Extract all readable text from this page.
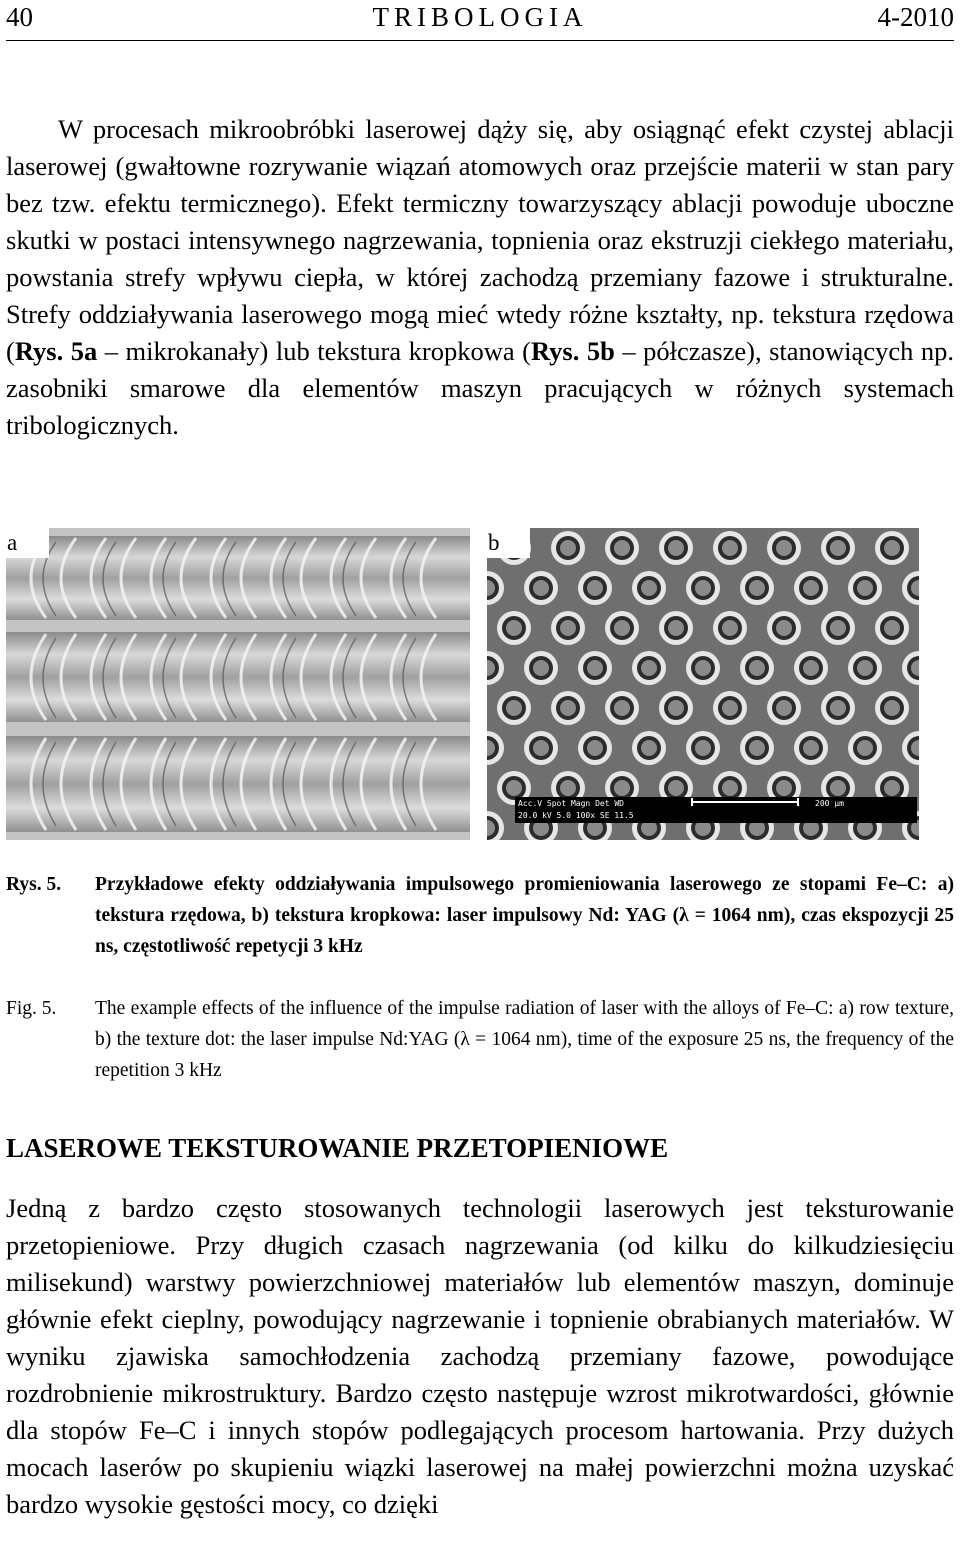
40	TRIBOLOGIA	4-2010

W procesach mikroobróbki laserowej dąży się, aby osiągnąć efekt czystej ablacji laserowej (gwałtowne rozrywanie wiązań atomowych oraz przejście materii w stan pary bez tzw. efektu termicznego). Efekt termiczny towarzyszący ablacji powoduje uboczne skutki w postaci intensywnego nagrzewania, topnienia oraz ekstruzji ciekłego materiału, powstania strefy wpływu ciepła, w której zachodzą przemiany fazowe i strukturalne. Strefy oddziaływania laserowego mogą mieć wtedy różne kształty, np. tekstura rzędowa (Rys. 5a – mikrokanały) lub tekstura kropkowa (Rys. 5b – półczasze), stanowiących np. zasobniki smarowe dla elementów maszyn pracujących w różnych systemach tribologicznych.

a	b
Acc.V Spot Magn Det WD
20.0 kV 5.0 100x SE 11.5
200 µm
Rys. 5. Przykładowe efekty oddziaływania impulsowego promieniowania laserowego ze stopami Fe–C: a) tekstura rzędowa, b) tekstura kropkowa: laser impulsowy Nd: YAG (λ = 1064 nm), czas ekspozycji 25 ns, częstotliwość repetycji 3 kHz
Fig. 5. The example effects of the influence of the impulse radiation of laser with the alloys of Fe–C: a) row texture, b) the texture dot: the laser impulse Nd:YAG (λ = 1064 nm), time of the exposure 25 ns, the frequency of the repetition 3 kHz
LASEROWE TEKSTUROWANIE PRZETOPIENIOWE

Jedną z bardzo często stosowanych technologii laserowych jest teksturowanie przetopieniowe. Przy długich czasach nagrzewania (od kilku do kilkudziesięciu milisekund) warstwy powierzchniowej materiałów lub elementów maszyn, dominuje głównie efekt cieplny, powodujący nagrzewanie i topnienie obrabianych materiałów. W wyniku zjawiska samochłodzenia zachodzą przemiany fazowe, powodujące rozdrobnienie mikrostruktury. Bardzo często następuje wzrost mikrotwardości, głównie dla stopów Fe–C i innych stopów podlegających procesom hartowania. Przy dużych mocach laserów po skupieniu wiązki laserowej na małej powierzchni można uzyskać bardzo wysokie gęstości mocy, co dzięki
